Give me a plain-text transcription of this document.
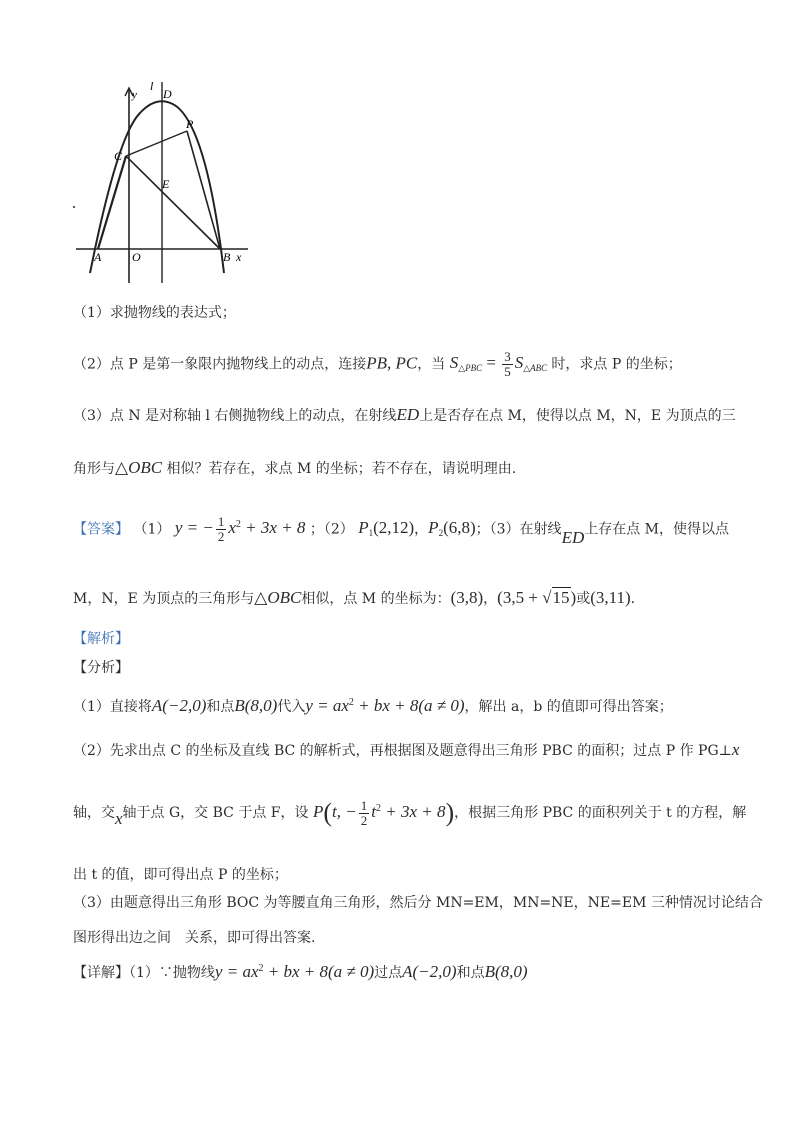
y
l
D
P
C
E
A	O	B x
（1）求抛物线的表达式；
（2）点 P 是第一象限内抛物线上的动点，连接PB, PC，当 $S_{\triangle PBC} = \frac{3}{5} S_{\triangle ABC}$ 时，求点 P 的坐标；
（3）点 N 是对称轴 l 右侧抛物线上的动点，在射线ED上是否存在点 M，使得以点 M，N，E 为顶点的三
角形与△OBC 相似？若存在，求点 M 的坐标；若不存在，请说明理由.
【答案】 （1） y = − $\frac{1}{2} x^2 + 3x + 8$ ；（2） $P_1(2,12)$，$P_2(6,8)$；（3）在射线ED上存在点 M，使得以点
M，N，E 为顶点的三角形与△OBC相似，点 M 的坐标为：(3,8)，(3,5 + √15)或(3,11).
【解析】
【分析】
（1）直接将A(−2,0)和点B(8,0)代入$y = ax^2$ + bx + 8(a ≠ 0)，解出 a，b 的值即可得出答案；
（2）先求出点 C 的坐标及直线 BC 的解析式，再根据图及题意得出三角形 PBC 的面积；过点 P 作 PG⊥x
轴，交x轴于点 G，交 BC 于点 F，设 P(t, − $\frac{1}{2} t^2 + 3x + 8$)，根据三角形 PBC 的面积列关于 t 的方程，解
出 t 的值，即可得出点 P 的坐标；
（3）由题意得出三角形 BOC 为等腰直角三角形，然后分 MN=EM，MN=NE，NE=EM 三种情况讨论结合
图形得出边之间　关系，即可得出答案.
【详解】（1）∵抛物线$y = ax^2$ + bx + 8(a ≠ 0)过点A(−2,0)和点B(8,0)
